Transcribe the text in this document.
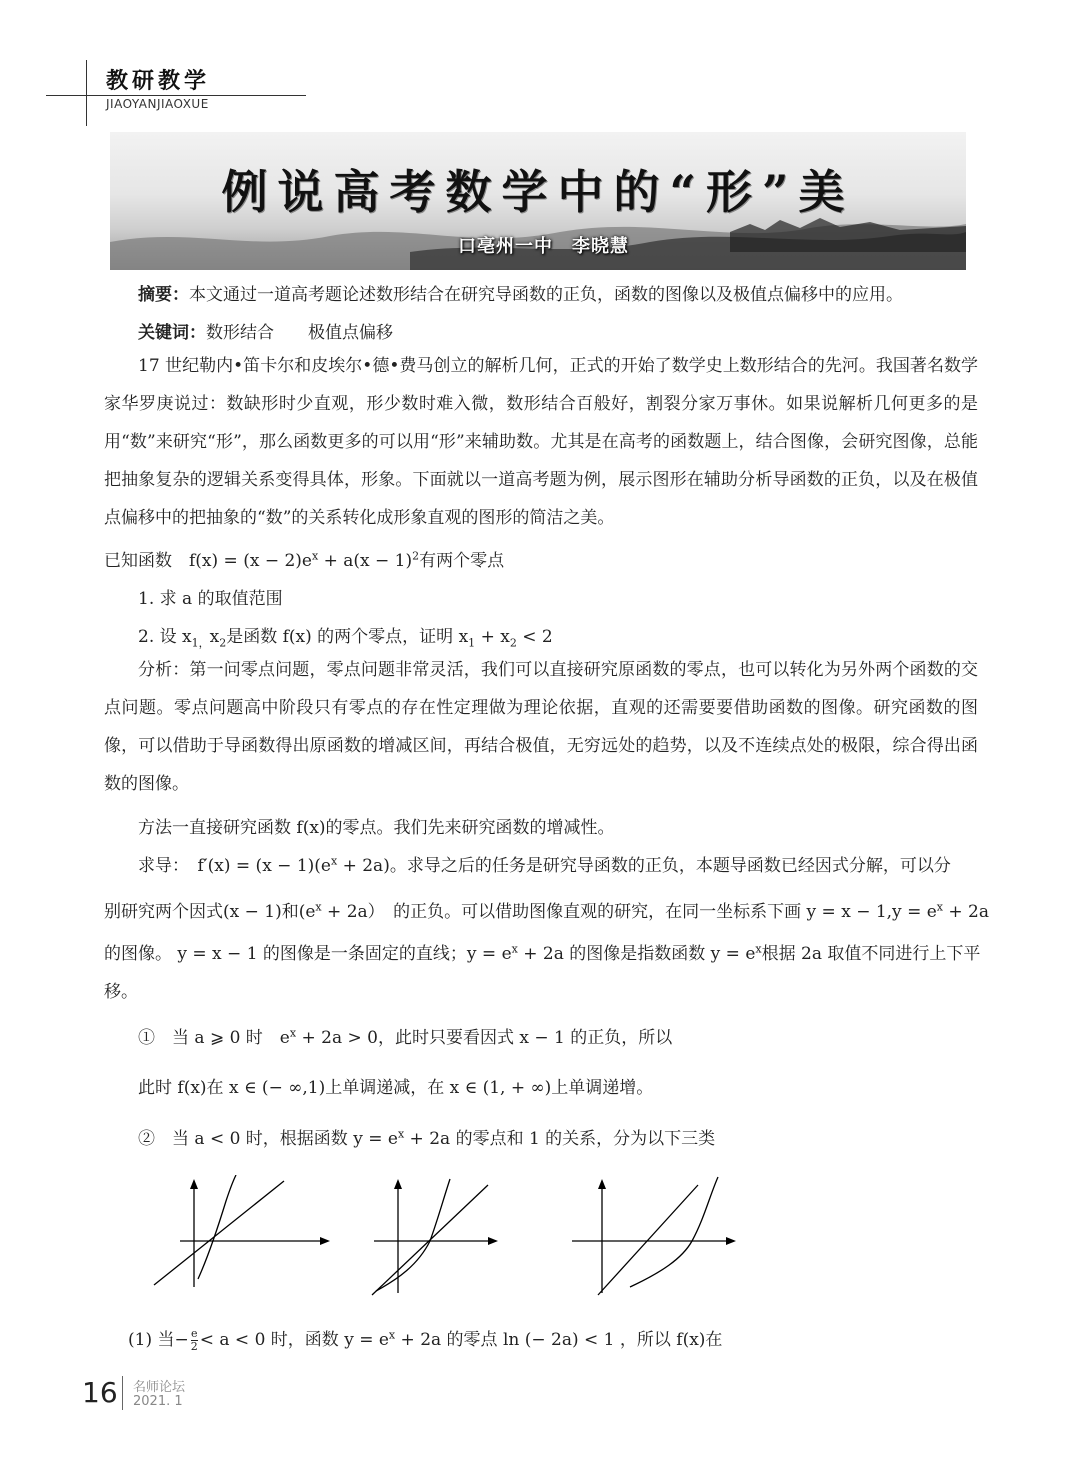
教研教学
JIAOYANJIAOXUE
例说高考数学中的“形”美
口亳州一中　李晓慧
摘要：本文通过一道高考题论述数形结合在研究导函数的正负，函数的图像以及极值点偏移中的应用。
关键词：数形结合　　极值点偏移
17 世纪勒内•笛卡尔和皮埃尔•德•费马创立的解析几何，正式的开始了数学史上数形结合的先河。我国著名数学家华罗庚说过：数缺形时少直观，形少数时难入微，数形结合百般好，割裂分家万事休。如果说解析几何更多的是用“数”来研究“形”，那么函数更多的可以用“形”来辅助数。尤其是在高考的函数题上，结合图像，会研究图像，总能把抽象复杂的逻辑关系变得具体，形象。下面就以一道高考题为例，展示图形在辅助分析导函数的正负，以及在极值点偏移中的把抽象的“数”的关系转化成形象直观的图形的简洁之美。
已知函数　$f(x) = (x - 2)e^x + a(x - 1)^2$有两个零点
1. 求 a 的取值范围
2. 设 $x_{1,}x_2$是函数 f(x) 的两个零点，证明 $x_1 + x_2 < 2$
分析：第一问零点问题，零点问题非常灵活，我们可以直接研究原函数的零点，也可以转化为另外两个函数的交点问题。零点问题高中阶段只有零点的存在性定理做为理论依据，直观的还需要要借助函数的图像。研究函数的图像，可以借助于导函数得出原函数的增减区间，再结合极值，无穷远处的趋势，以及不连续点处的极限，综合得出函数的图像。
方法一直接研究函数 f(x)的零点。我们先来研究函数的增减性。
求导：　$f'(x) = (x - 1)(e^x + 2a)$。求导之后的任务是研究导函数的正负，本题导函数已经因式分解，可以分
别研究两个因式(x − 1)和$(e^x + 2a)$　的正负。可以借助图像直观的研究，在同一坐标系下画 $y = x - 1,y = e^x + 2a$
的图像。 y = x − 1 的图像是一条固定的直线；$y = e^x + 2a$ 的图像是指数函数 $y = e^x$根据 2a 取值不同进行上下平
移。
①　当 a ⩾ 0 时　$e^x + 2a > 0$，此时只要看因式 x − 1 的正负，所以
此时 f(x)在 x ∈ (− ∞,1)上单调递减，在 x ∈ (1, + ∞)上单调递增。
②　当 a < 0 时，根据函数 $y = e^x + 2a$ 的零点和 1 的关系，分为以下三类
(1) 当− $\frac{e}{2} < a < 0$ 时，函数 $y = e^x + 2a$ 的零点 ln (− 2a) < 1 ，所以 f(x)在
16 名师论坛
2021. 1
